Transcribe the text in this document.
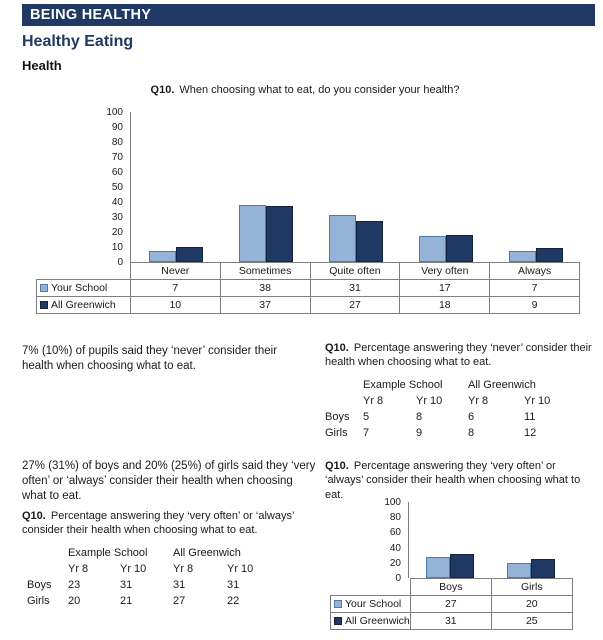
BEING HEALTHY
Healthy Eating
Health
Q10. When choosing what to eat, do you consider your health?
0
10
20
30
40
50
60
70
80
90
100
	Never	Sometimes	Quite often	Very often	Always
Your School	7	38	31	17	7
All Greenwich	10	37	27	18	9
7% (10%) of pupils said they ‘never’ consider their health when choosing what to eat.
Q10. Percentage answering they ‘never’ consider their health when choosing what to eat.
Example School	All Greenwich
Yr 8	Yr 10	Yr 8	Yr 10
Boys	5	8	6	11
Girls	7	9	8	12
27% (31%) of boys and 20% (25%) of girls said they ‘very often’ or ‘always’ consider their health when choosing what to eat.
Q10. Percentage answering they ‘very often’ or ‘always’ consider their health when choosing what to eat.
Example School	All Greenwich
Yr 8	Yr 10	Yr 8	Yr 10
Boys	23	31	31	31
Girls	20	21	27	22
Q10. Percentage answering they ‘very often’ or ‘always’ consider their health when choosing what to eat.
0
20
40
60
80
100
	Boys	Girls
Your School	27	20
All Greenwich	31	25
